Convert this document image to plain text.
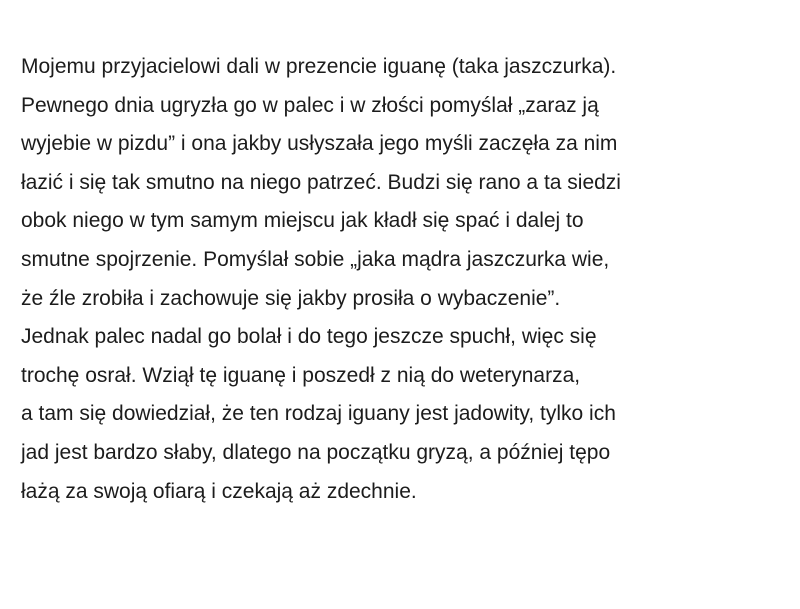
Mojemu przyjacielowi dali w prezencie iguanę (taka jaszczurka).
Pewnego dnia ugryzła go w palec i w złości pomyślał „zaraz ją
wyjebie w pizdu” i ona jakby usłyszała jego myśli zaczęła za nim
łazić i się tak smutno na niego patrzeć. Budzi się rano a ta siedzi
obok niego w tym samym miejscu jak kładł się spać i dalej to
smutne spojrzenie. Pomyślał sobie „jaka mądra jaszczurka wie,
że źle zrobiła i zachowuje się jakby prosiła o wybaczenie”.
Jednak palec nadal go bolał i do tego jeszcze spuchł, więc się
trochę osrał. Wziął tę iguanę i poszedł z nią do weterynarza,
a tam się dowiedział, że ten rodzaj iguany jest jadowity, tylko ich
jad jest bardzo słaby, dlatego na początku gryzą, a później tępo
łażą za swoją ofiarą i czekają aż zdechnie.
